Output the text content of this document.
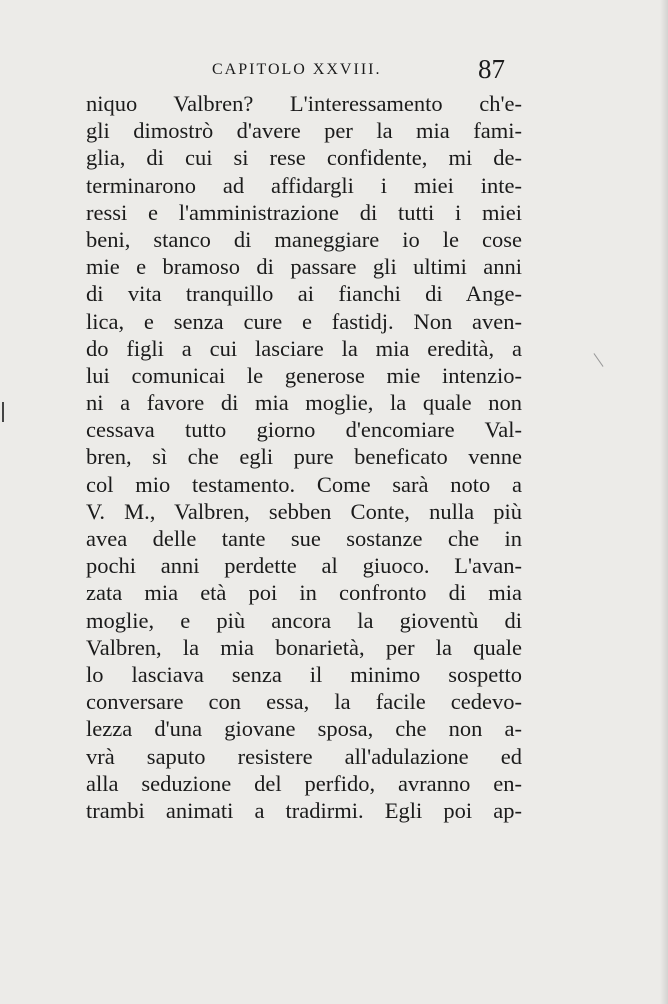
CAPITOLO XXVIII.	87
niquo Valbren? L'interessamento ch'e-
gli dimostrò d'avere per la mia fami-
glia, di cui si rese confidente, mi de-
terminarono ad affidargli i miei inte-
ressi e l'amministrazione di tutti i miei
beni, stanco di maneggiare io le cose
mie e bramoso di passare gli ultimi anni
di vita tranquillo ai fianchi di Ange-
lica, e senza cure e fastidj. Non aven-
do figli a cui lasciare la mia eredità, a
lui comunicai le generose mie intenzio-
ni a favore di mia moglie, la quale non
cessava tutto giorno d'encomiare Val-
bren, sì che egli pure beneficato venne
col mio testamento. Come sarà noto a
V. M., Valbren, sebben Conte, nulla più
avea delle tante sue sostanze che in
pochi anni perdette al giuoco. L'avan-
zata mia età poi in confronto di mia
moglie, e più ancora la gioventù di
Valbren, la mia bonarietà, per la quale
lo lasciava senza il minimo sospetto
conversare con essa, la facile cedevo-
lezza d'una giovane sposa, che non a-
vrà saputo resistere all'adulazione ed
alla seduzione del perfido, avranno en-
trambi animati a tradirmi. Egli poi ap-
